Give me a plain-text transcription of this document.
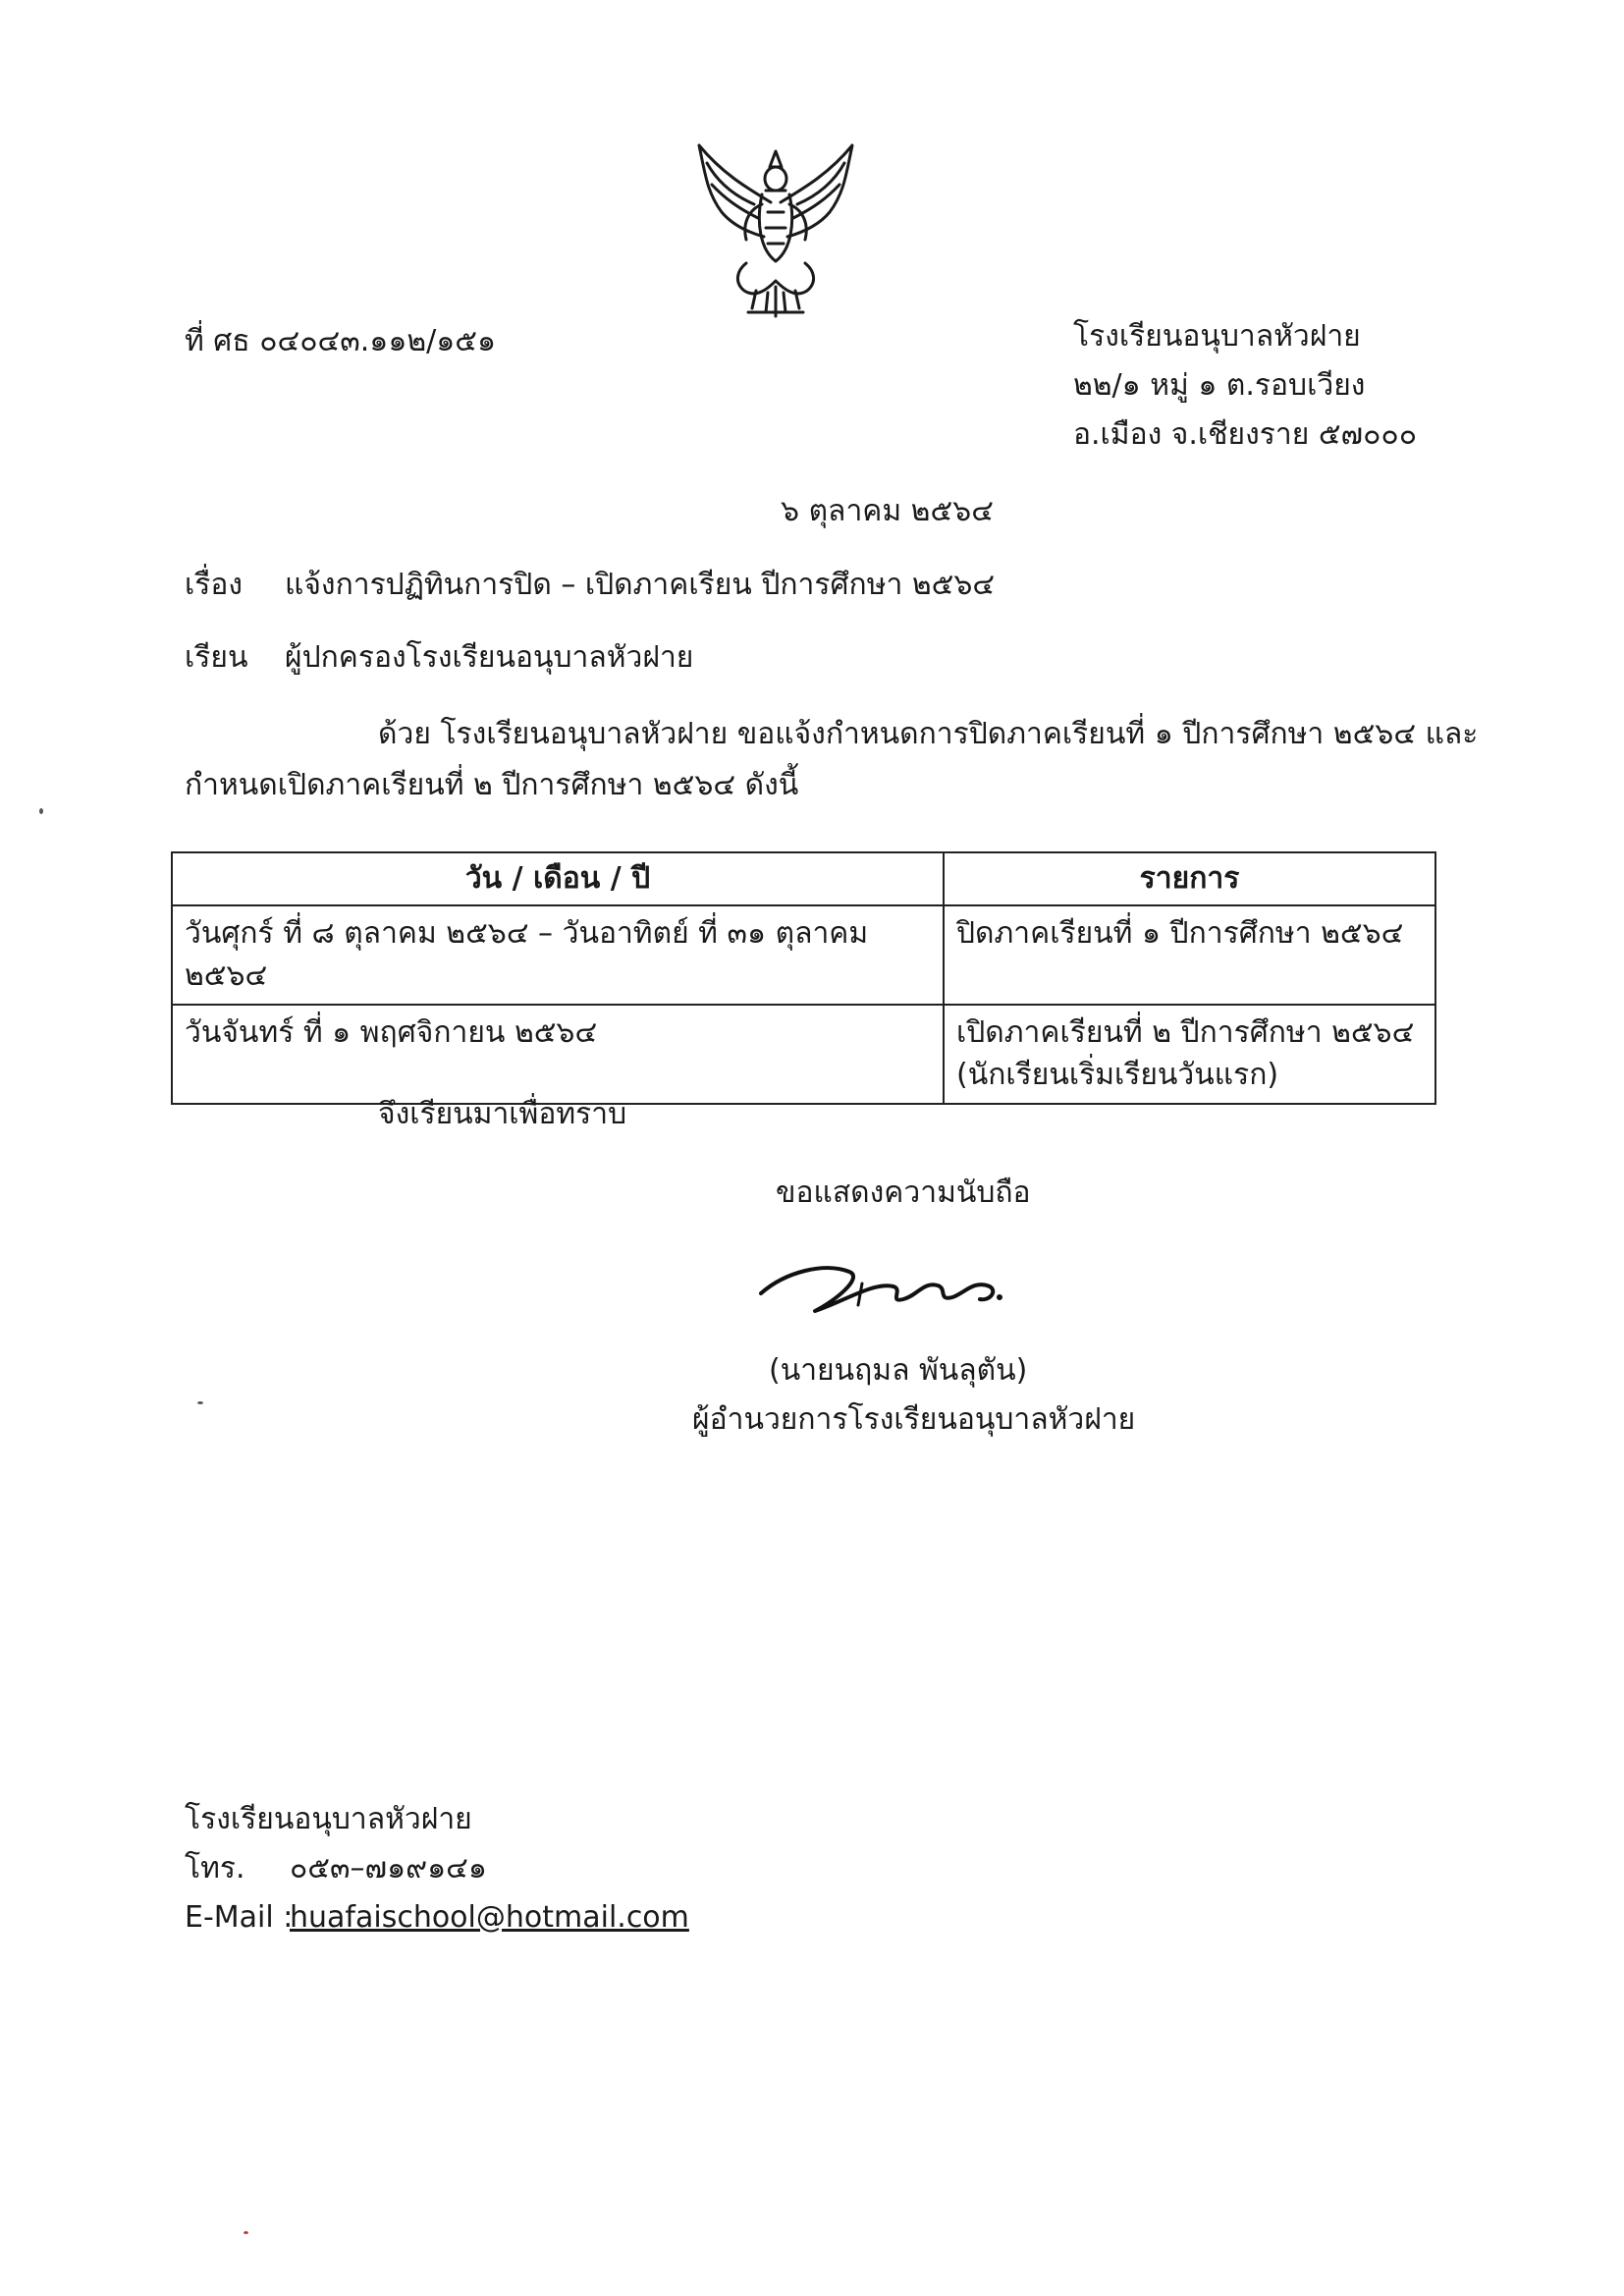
ที่ ศธ ๐๔๐๔๓.๑๑๒/๑๕๑	โรงเรียนอนุบาลหัวฝาย
๒๒/๑ หมู่ ๑ ต.รอบเวียง
อ.เมือง จ.เชียงราย ๕๗๐๐๐
๖ ตุลาคม ๒๕๖๔
เรื่อง แจ้งการปฏิทินการปิด – เปิดภาคเรียน ปีการศึกษา ๒๕๖๔
เรียน ผู้ปกครองโรงเรียนอนุบาลหัวฝาย
ด้วย โรงเรียนอนุบาลหัวฝาย ขอแจ้งกำหนดการปิดภาคเรียนที่ ๑ ปีการศึกษา ๒๕๖๔ และ
กำหนดเปิดภาคเรียนที่ ๒ ปีการศึกษา ๒๕๖๔ ดังนี้
วัน / เดือน / ปี	รายการ
วันศุกร์ ที่ ๘ ตุลาคม ๒๕๖๔ – วันอาทิตย์ ที่ ๓๑ ตุลาคม ๒๕๖๔	ปิดภาคเรียนที่ ๑ ปีการศึกษา ๒๕๖๔

วันจันทร์ ที่ ๑ พฤศจิกายน ๒๕๖๔	เปิดภาคเรียนที่ ๒ ปีการศึกษา ๒๕๖๔
(นักเรียนเริ่มเรียนวันแรก)
จึงเรียนมาเพื่อทราบ
ขอแสดงความนับถือ
(นายนฤมล พันลุตัน)
ผู้อำนวยการโรงเรียนอนุบาลหัวฝาย
โรงเรียนอนุบาลหัวฝาย
โทร. ๐๕๓–๗๑๙๑๔๑
E-Mail :
huafaischool@hotmail.com
